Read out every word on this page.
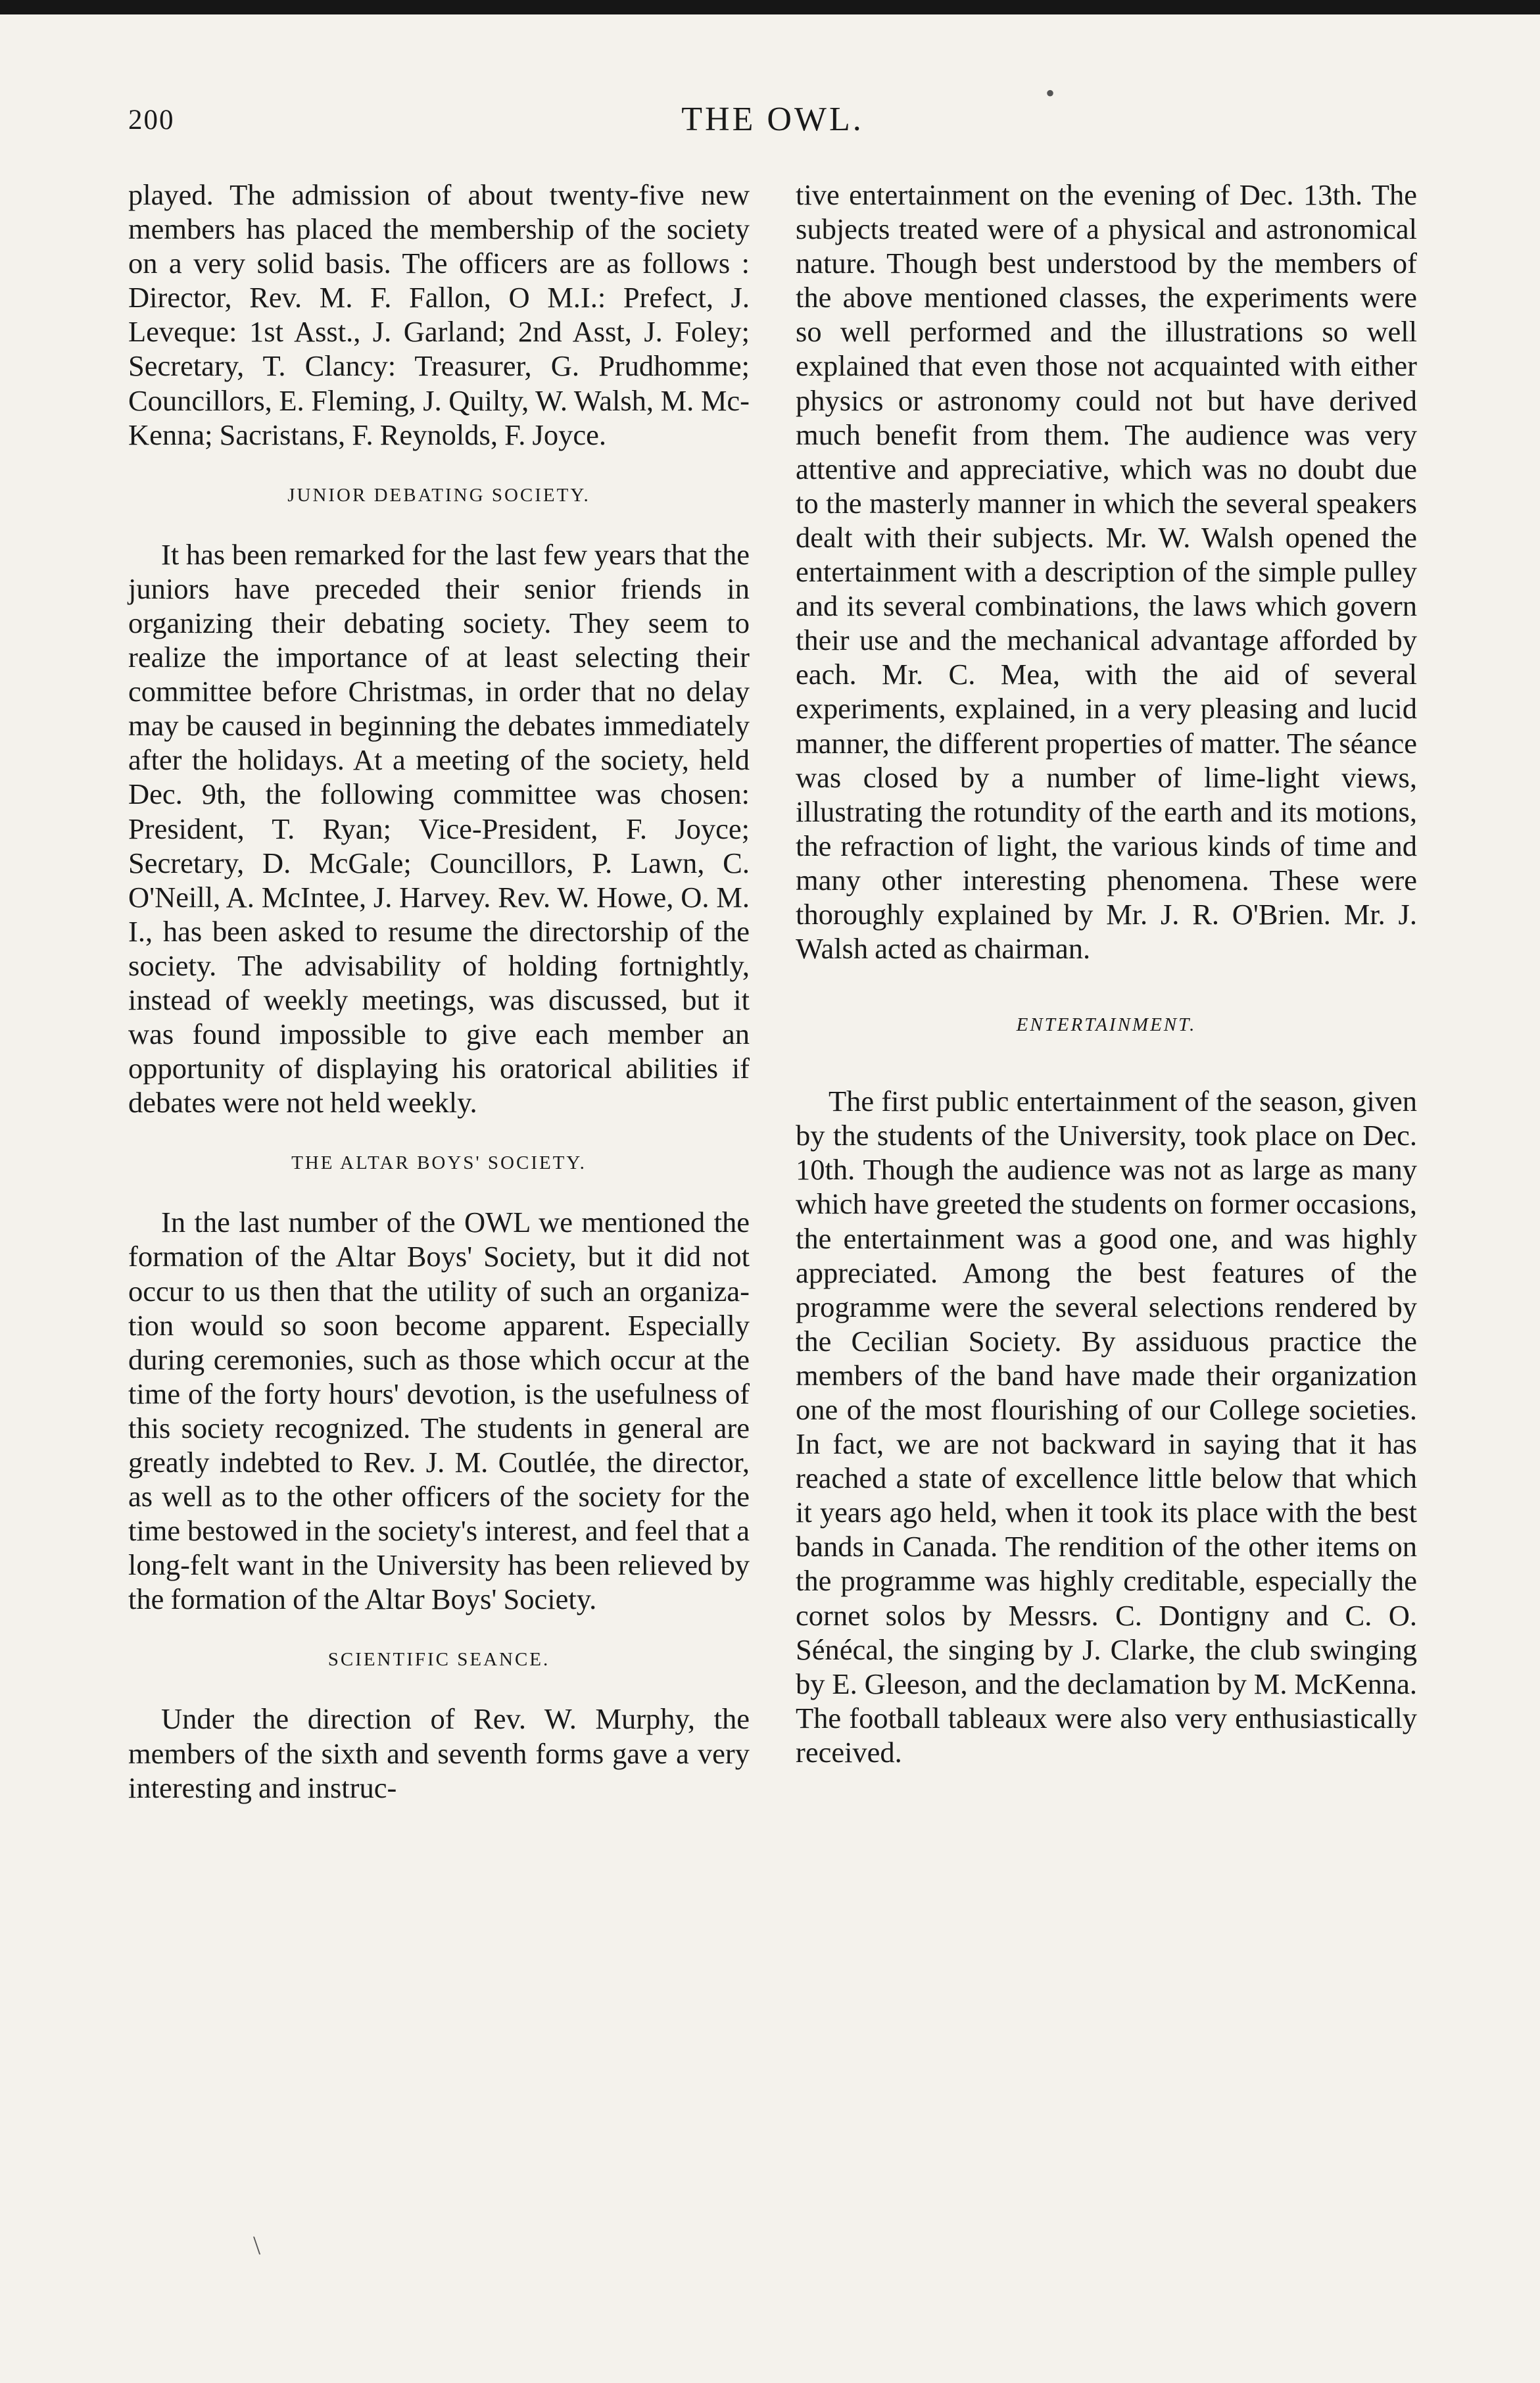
200	THE OWL.

played. The admission of about twenty-five new members has placed the membership of the society on a very solid basis. The officers are as follows : Director, Rev. M. F. Fallon, O M.I.: Prefect, J. Leveque: 1st Asst., J. Garland; 2nd Asst, J. Foley; Secretary, T. Clancy: Treasurer, G. Prudhomme; Councillors, E. Fleming, J. Quilty, W. Walsh, M. McKenna; Sacristans, F. Reynolds, F. Joyce.

JUNIOR DEBATING SOCIETY.

It has been remarked for the last few years that the juniors have preceded their senior friends in organizing their debating society. They seem to realize the importance of at least selecting their committee before Christmas, in order that no delay may be caused in beginning the debates immediately after the holidays. At a meeting of the society, held Dec. 9th, the following committee was chosen: President, T. Ryan; Vice-President, F. Joyce; Secretary, D. McGale; Councillors, P. Lawn, C. O'Neill, A. McIntee, J. Harvey. Rev. W. Howe, O. M. I., has been asked to resume the directorship of the society. The advisability of holding fortnightly, instead of weekly meetings, was discussed, but it was found impossible to give each member an opportunity of displaying his oratorical abilities if debates were not held weekly.

THE ALTAR BOYS' SOCIETY.

In the last number of the OWL we mentioned the formation of the Altar Boys' Society, but it did not occur to us then that the utility of such an organization would so soon become apparent. Especially during ceremonies, such as those which occur at the time of the forty hours' devotion, is the usefulness of this society recognized. The students in general are greatly indebted to Rev. J. M. Coutlée, the director, as well as to the other officers of the society for the time bestowed in the society's interest, and feel that a long-felt want in the University has been relieved by the formation of the Altar Boys' Society.

SCIENTIFIC SEANCE.

Under the direction of Rev. W. Murphy, the members of the sixth and seventh forms gave a very interesting and instruc-

tive entertainment on the evening of Dec. 13th. The subjects treated were of a physical and astronomical nature. Though best understood by the members of the above mentioned classes, the experiments were so well performed and the illustrations so well explained that even those not acquainted with either physics or astronomy could not but have derived much benefit from them. The audience was very attentive and appreciative, which was no doubt due to the masterly manner in which the several speakers dealt with their subjects. Mr. W. Walsh opened the entertainment with a description of the simple pulley and its several combinations, the laws which govern their use and the mechanical advantage afforded by each. Mr. C. Mea, with the aid of several experiments, explained, in a very pleasing and lucid manner, the different properties of matter. The séance was closed by a number of lime-light views, illustrating the rotundity of the earth and its motions, the refraction of light, the various kinds of time and many other interesting phenomena. These were thoroughly explained by Mr. J. R. O'Brien. Mr. J. Walsh acted as chairman.

ENTERTAINMENT.

The first public entertainment of the season, given by the students of the University, took place on Dec. 10th. Though the audience was not as large as many which have greeted the students on former occasions, the entertainment was a good one, and was highly appreciated. Among the best features of the programme were the several selections rendered by the Cecilian Society. By assiduous practice the members of the band have made their organization one of the most flourishing of our College societies. In fact, we are not backward in saying that it has reached a state of excellence little below that which it years ago held, when it took its place with the best bands in Canada. The rendition of the other items on the programme was highly creditable, especially the cornet solos by Messrs. C. Dontigny and C. O. Sénécal, the singing by J. Clarke, the club swinging by E. Gleeson, and the declamation by M. McKenna. The football tableaux were also very enthusiastically received.

•
\
